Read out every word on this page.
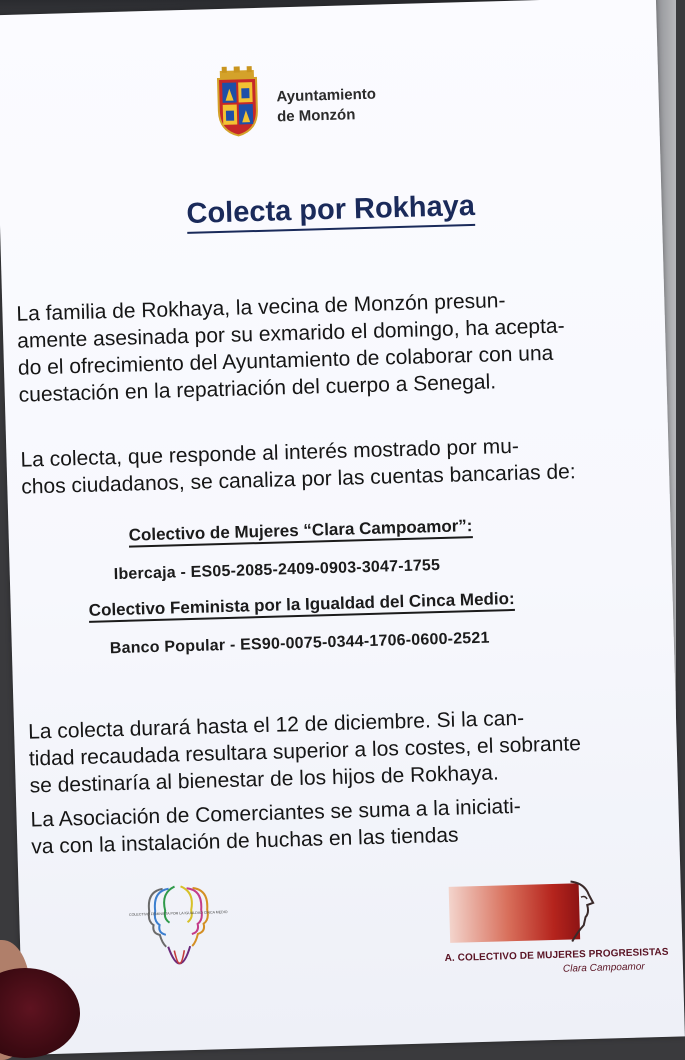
Ayuntamiento
de Monzón
Colecta por Rokhaya
La familia de Rokhaya, la vecina de Monzón presun-
amente asesinada por su exmarido el domingo, ha acepta-
do el ofrecimiento del Ayuntamiento de colaborar con una
cuestación en la repatriación del cuerpo a Senegal.
La colecta, que responde al interés mostrado por mu-
chos ciudadanos, se canaliza por las cuentas bancarias de:
Colectivo de Mujeres “Clara Campoamor”:
Ibercaja - ES05-2085-2409-0903-3047-1755
Colectivo Feminista por la Igualdad del Cinca Medio:
Banco Popular - ES90-0075-0344-1706-0600-2521
La colecta durará hasta el 12 de diciembre. Si la can-
tidad recaudada resultara superior a los costes, el sobrante
se destinaría al bienestar de los hijos de Rokhaya.
La Asociación de Comerciantes se suma a la iniciati-
va con la instalación de huchas en las tiendas
COLECTIVO FEMINISTA POR LA IGUALDAD CINCA MEDIO
A. COLECTIVO DE MUJERES PROGRESISTAS
Clara Campoamor
